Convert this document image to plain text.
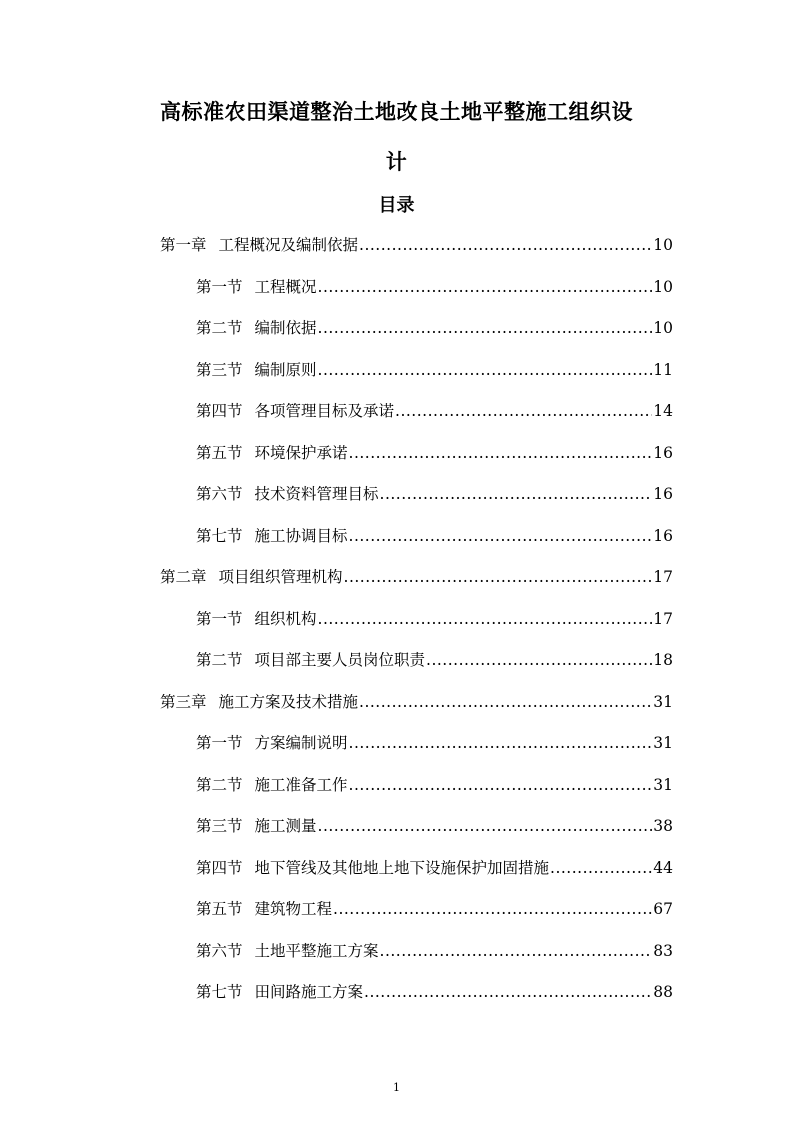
高标准农田渠道整治土地改良土地平整施工组织设
计
目录
第一章 工程概况及编制依据 .....	10
第一节 工程概况 .....	10
第二节 编制依据 .....	10
第三节 编制原则 .....	11
第四节 各项管理目标及承诺 .....	14
第五节 环境保护承诺 .....	16
第六节 技术资料管理目标 .....	16
第七节 施工协调目标 .....	16
第二章 项目组织管理机构 .....	17
第一节 组织机构 .....	17
第二节 项目部主要人员岗位职责 .....	18
第三章 施工方案及技术措施 .....	31
第一节 方案编制说明 .....	31
第二节 施工准备工作 .....	31
第三节 施工测量 .....	38
第四节 地下管线及其他地上地下设施保护加固措施 .....	44
第五节 建筑物工程 .....	67
第六节 土地平整施工方案 .....	83
第七节 田间路施工方案 .....	88

1
